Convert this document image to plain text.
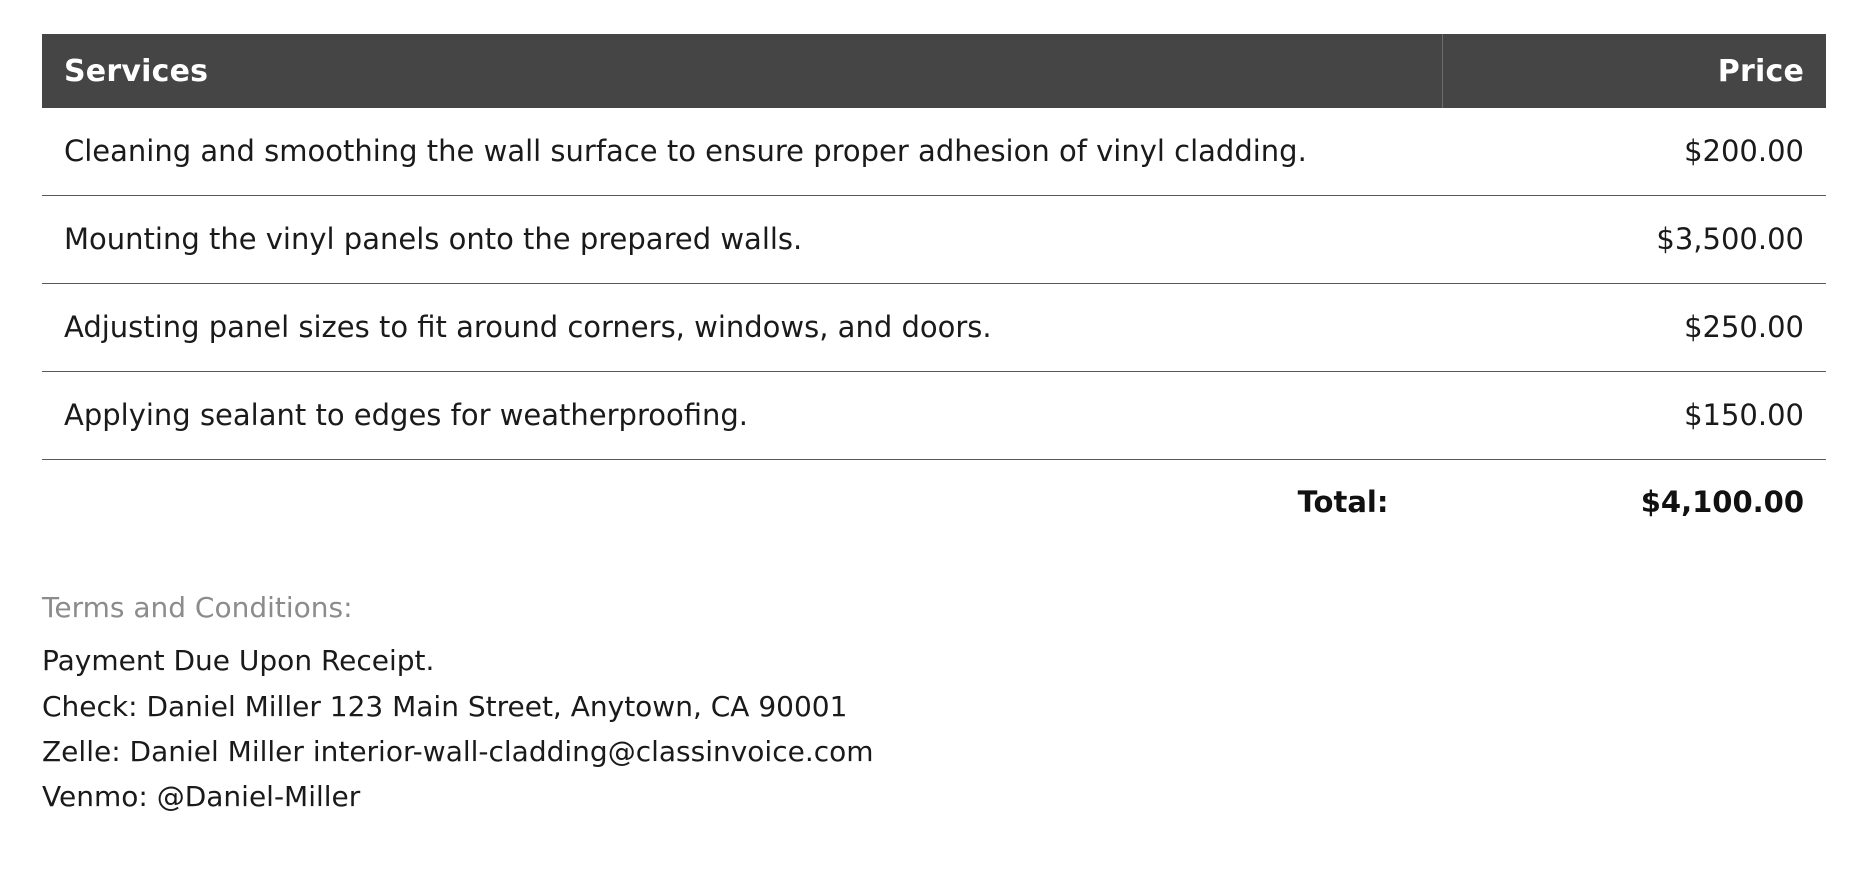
Services	Price
Cleaning and smoothing the wall surface to ensure proper adhesion of vinyl cladding.	$200.00
Mounting the vinyl panels onto the prepared walls.	$3,500.00
Adjusting panel sizes to fit around corners, windows, and doors.	$250.00
Applying sealant to edges for weatherproofing.	$150.00
Total:	$4,100.00
Terms and Conditions:
Payment Due Upon Receipt.
Check: Daniel Miller 123 Main Street, Anytown, CA 90001
Zelle: Daniel Miller interior-wall-cladding@classinvoice.com
Venmo: @Daniel-Miller
